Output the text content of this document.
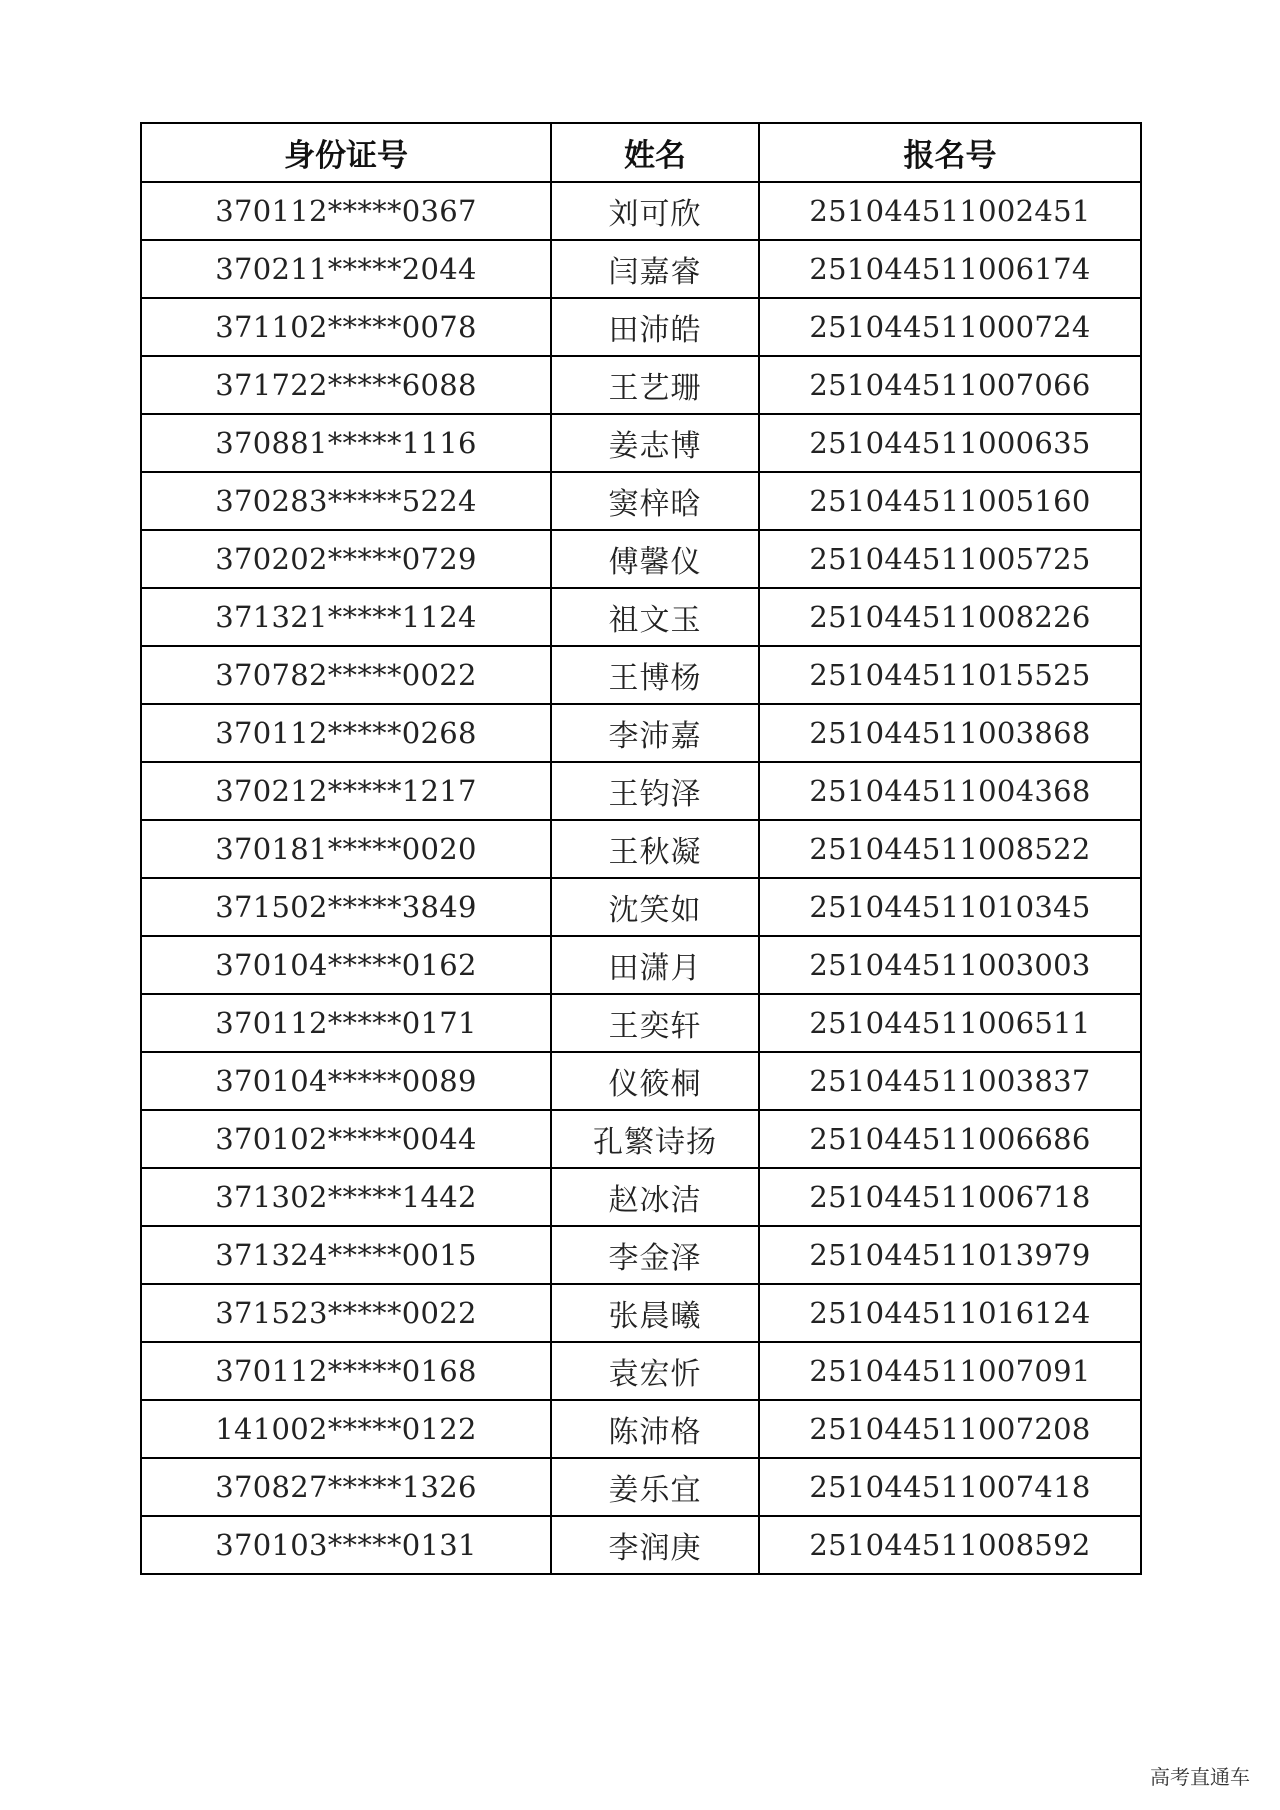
身份证号	姓名	报名号
370112*****0367	刘可欣	251044511002451
370211*****2044	闫嘉睿	251044511006174
371102*****0078	田沛皓	251044511000724
371722*****6088	王艺珊	251044511007066
370881*****1116	姜志博	251044511000635
370283*****5224	窦梓晗	251044511005160
370202*****0729	傅馨仪	251044511005725
371321*****1124	祖文玉	251044511008226
370782*****0022	王博杨	251044511015525
370112*****0268	李沛嘉	251044511003868
370212*****1217	王钧泽	251044511004368
370181*****0020	王秋凝	251044511008522
371502*****3849	沈笑如	251044511010345
370104*****0162	田潇月	251044511003003
370112*****0171	王奕轩	251044511006511
370104*****0089	仪筱桐	251044511003837
370102*****0044	孔繁诗扬	251044511006686
371302*****1442	赵冰洁	251044511006718
371324*****0015	李金泽	251044511013979
371523*****0022	张晨曦	251044511016124
370112*****0168	袁宏忻	251044511007091
141002*****0122	陈沛格	251044511007208
370827*****1326	姜乐宜	251044511007418
370103*****0131	李润庚	251044511008592
高考直通车
